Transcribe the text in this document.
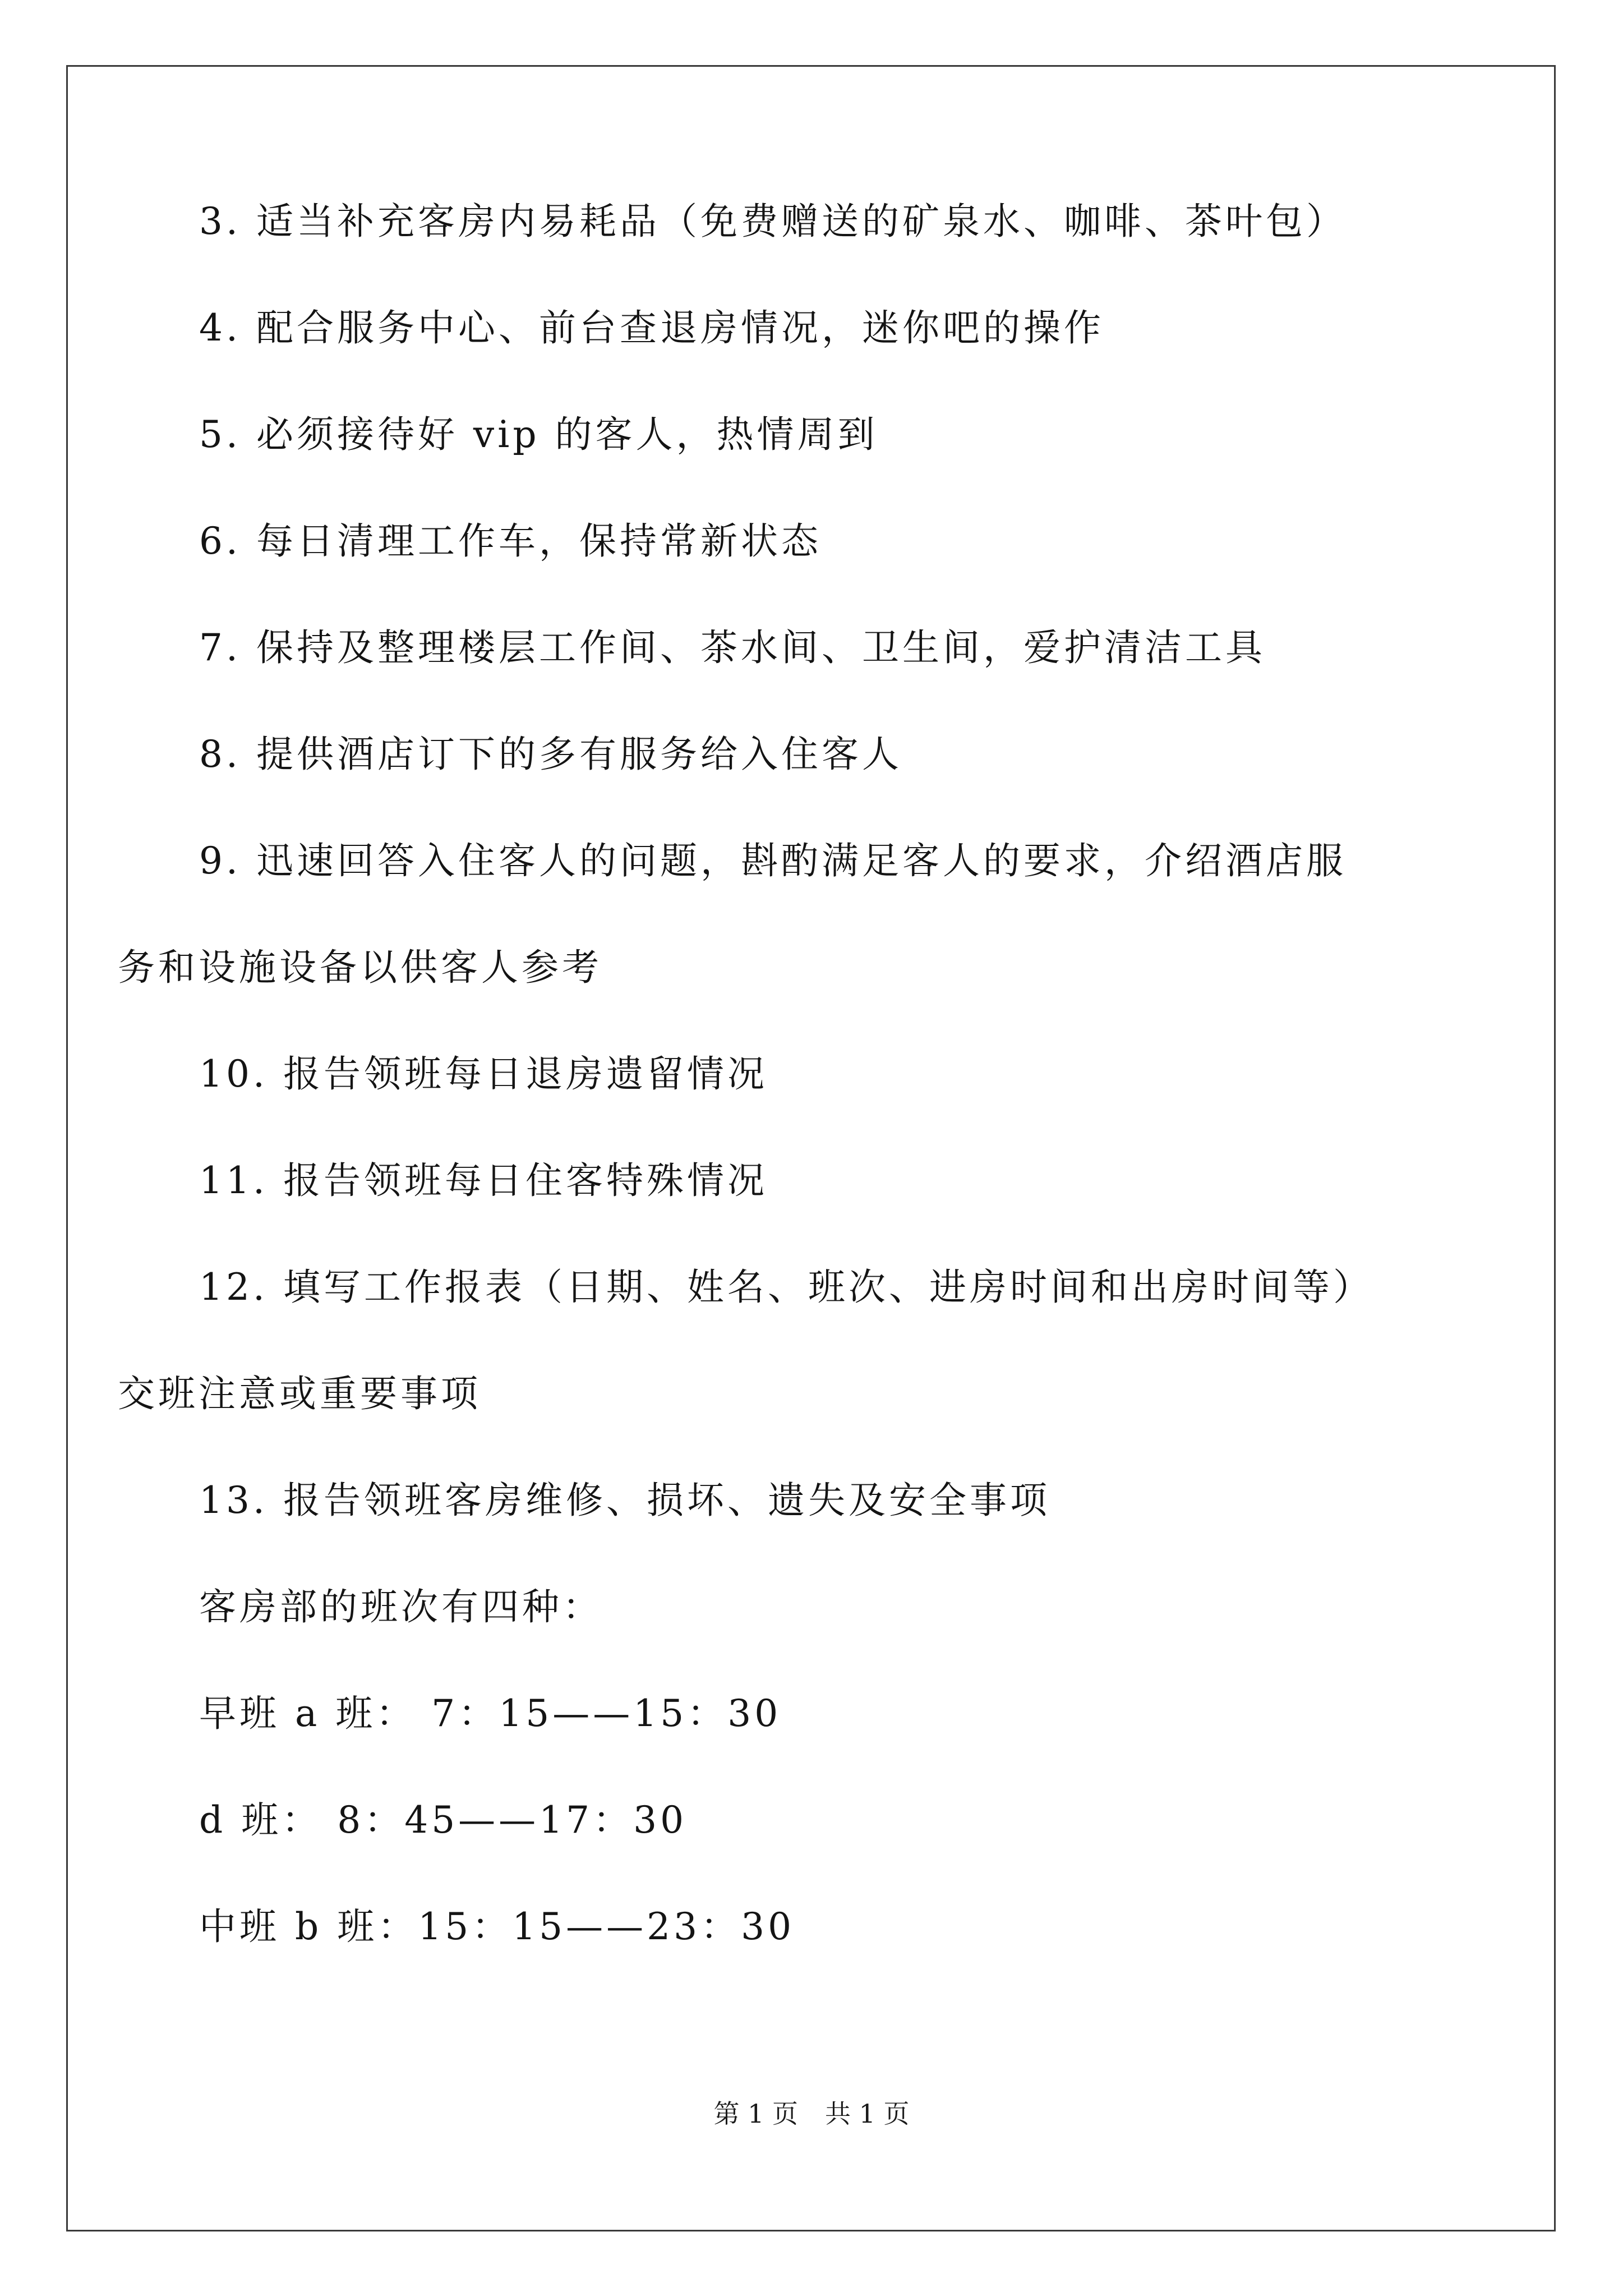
3. 适当补充客房内易耗品（免费赠送的矿泉水、咖啡、茶叶包）
4. 配合服务中心、前台查退房情况，迷你吧的操作
5. 必须接待好 vip 的客人，热情周到
6. 每日清理工作车，保持常新状态
7. 保持及整理楼层工作间、茶水间、卫生间，爱护清洁工具
8. 提供酒店订下的多有服务给入住客人
9. 迅速回答入住客人的问题，斟酌满足客人的要求，介绍酒店服
务和设施设备以供客人参考
10. 报告领班每日退房遗留情况
11. 报告领班每日住客特殊情况
12. 填写工作报表（日期、姓名、班次、进房时间和出房时间等）
交班注意或重要事项
13. 报告领班客房维修、损坏、遗失及安全事项
客房部的班次有四种：
早班 a 班： 7：15——15：30
d 班： 8：45——17：30
中班 b 班：15：15——23：30
第 1 页 共 1 页
